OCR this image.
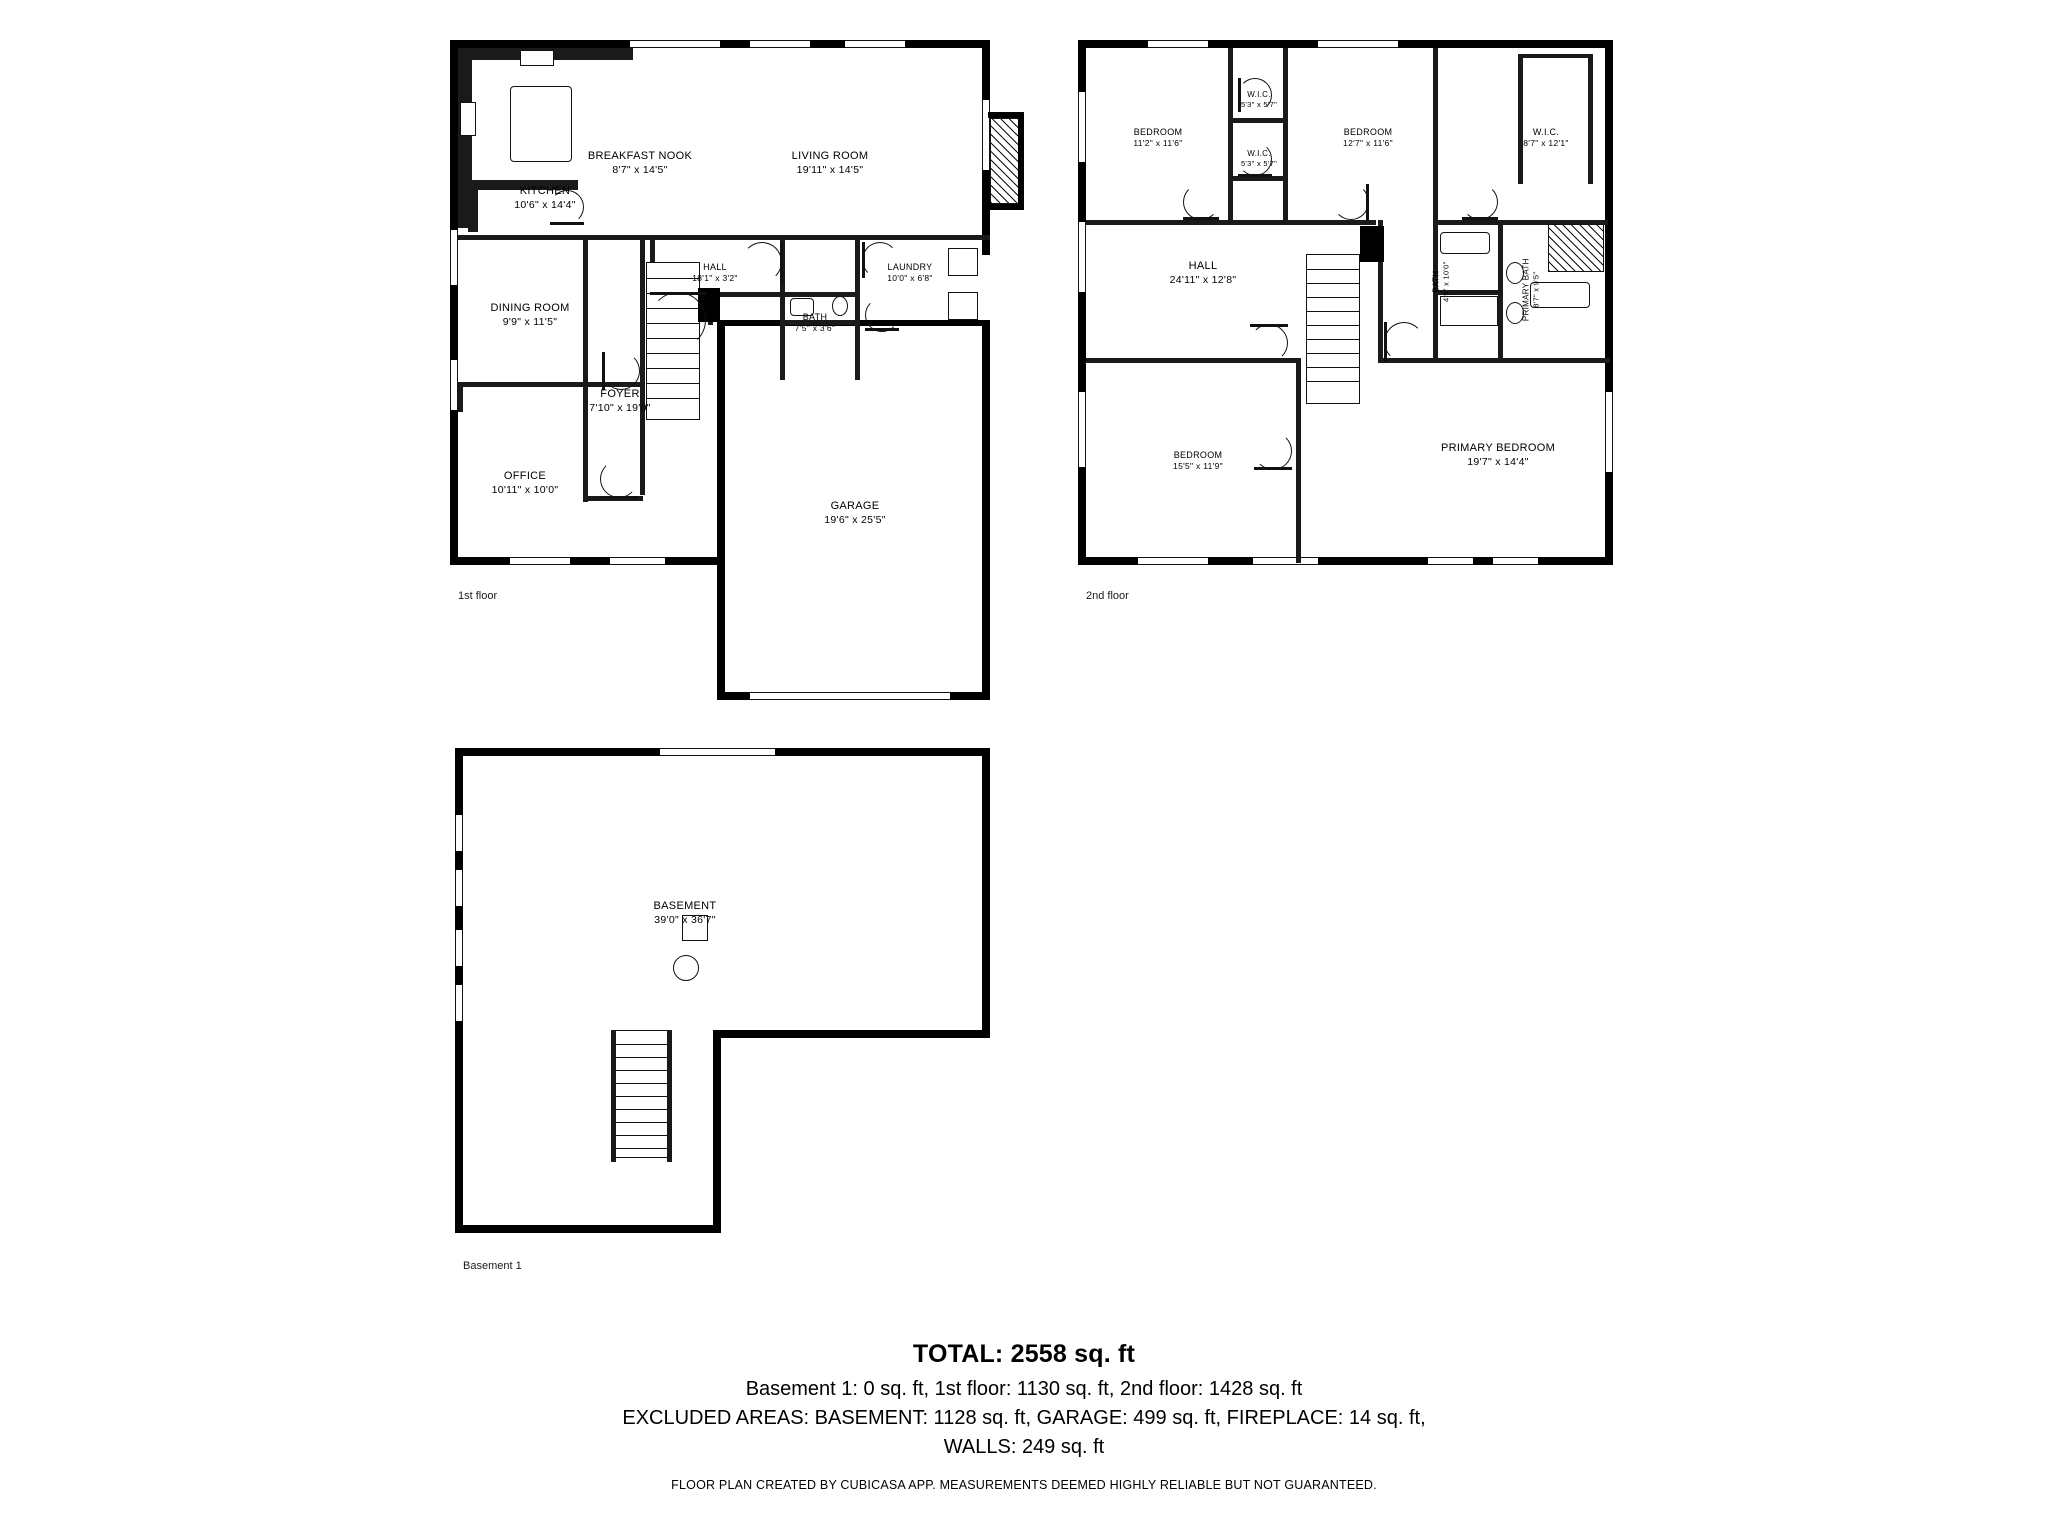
KITCHEN
10'6" x 14'4"
BREAKFAST NOOK
8'7" x 14'5"
LIVING ROOM
19'11" x 14'5"
HALL
18'1" x 3'2"
LAUNDRY
10'0" x 6'8"
BATH
7'5" x 3'6"
DINING ROOM
9'9" x 11'5"
FOYER
7'10" x 19'0"
OFFICE
10'11" x 10'0"
GARAGE
19'6" x 25'5"
1st floor
BEDROOM
11'2" x 11'6"
W.I.C.
5'3" x 5'7"
BEDROOM
12'7" x 11'6"
W.I.C.
8'7" x 12'1"
W.I.C.
5'3" x 5'7"
HALL
24'11" x 12'8"	BATH 4'9" x 10'0"	PRIMARY BATH 8'7" x 9'5"
BEDROOM
15'5" x 11'9"
PRIMARY BEDROOM
19'7" x 14'4"
2nd floor
BASEMENT
39'0" x 36'7"
Basement 1
TOTAL: 2558 sq. ft
Basement 1: 0 sq. ft, 1st floor: 1130 sq. ft, 2nd floor: 1428 sq. ft
EXCLUDED AREAS: BASEMENT: 1128 sq. ft, GARAGE: 499 sq. ft, FIREPLACE: 14 sq. ft,
WALLS: 249 sq. ft
FLOOR PLAN CREATED BY CUBICASA APP. MEASUREMENTS DEEMED HIGHLY RELIABLE BUT NOT GUARANTEED.
